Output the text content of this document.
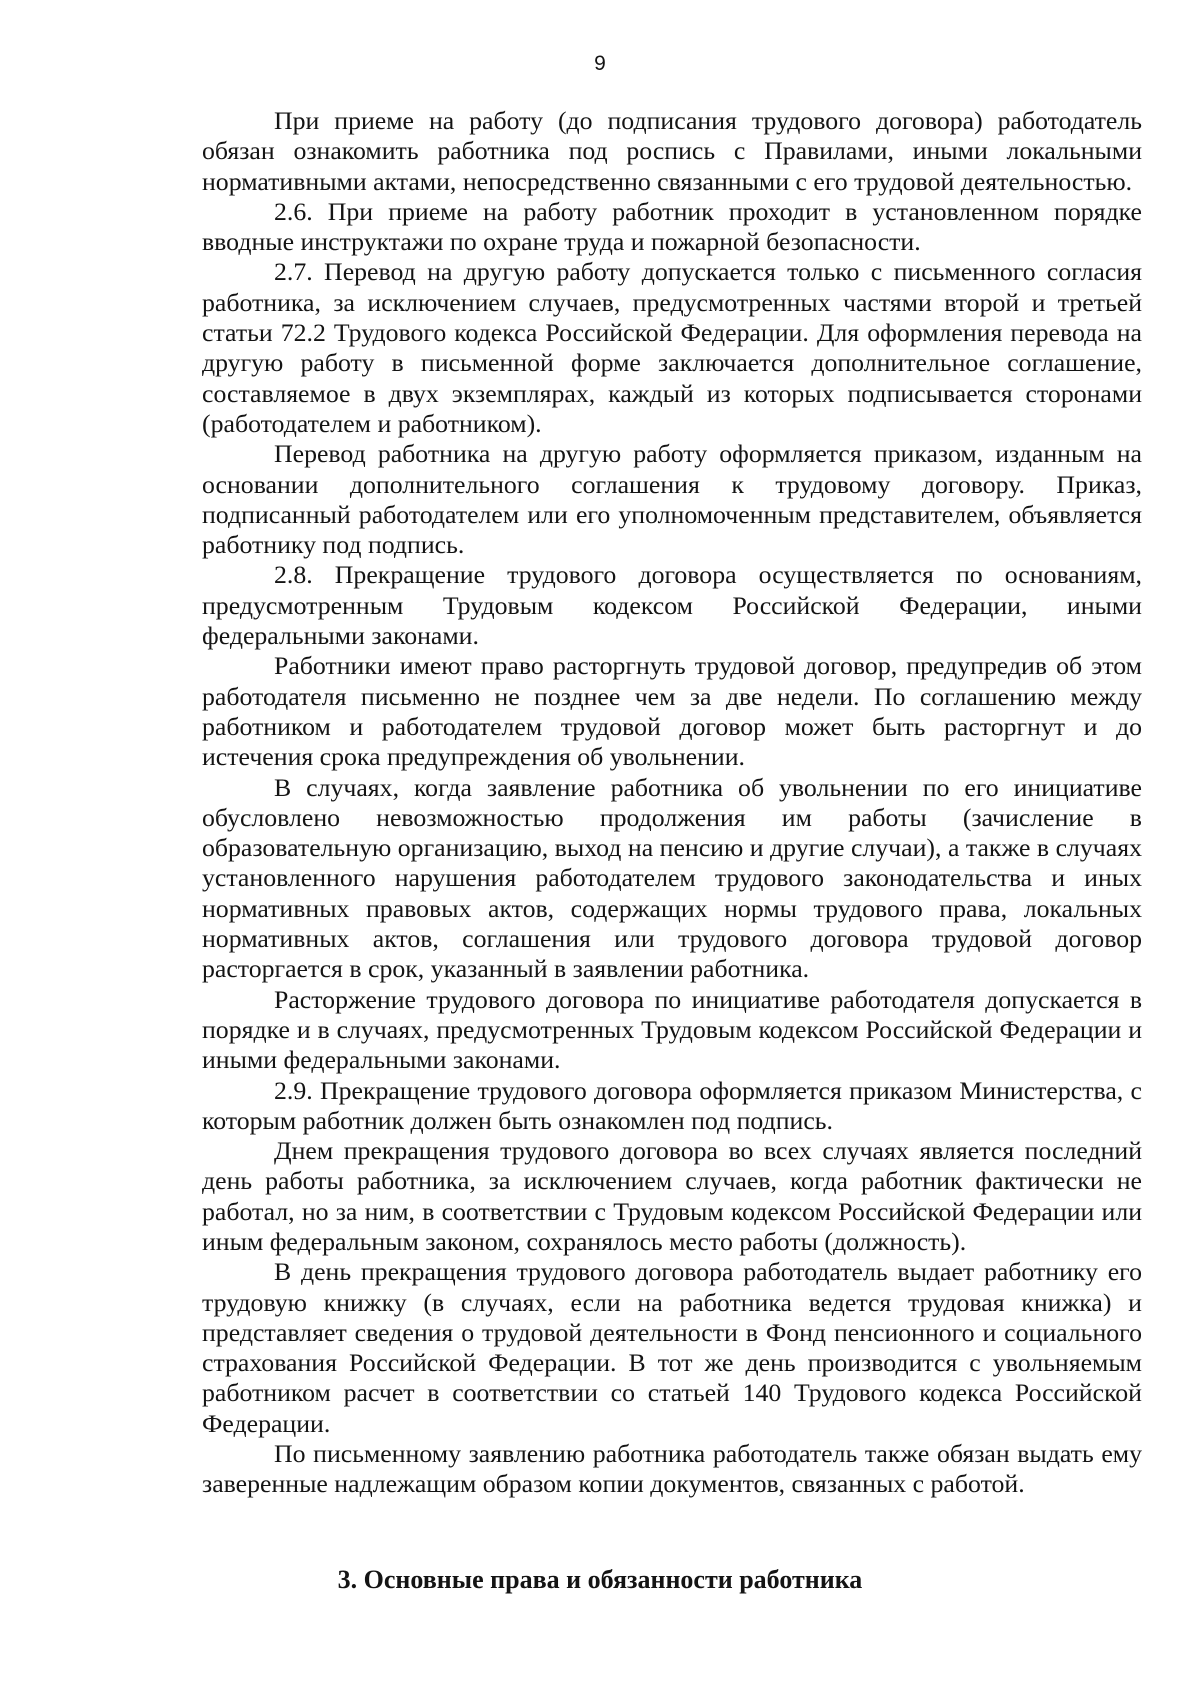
9

При приеме на работу (до подписания трудового договора) работодатель обязан ознакомить работника под роспись с Правилами, иными локальными нормативными актами, непосредственно связанными с его трудовой деятельностью.

2.6. При приеме на работу работник проходит в установленном порядке вводные инструктажи по охране труда и пожарной безопасности.

2.7. Перевод на другую работу допускается только с письменного согласия работника, за исключением случаев, предусмотренных частями второй и третьей статьи 72.2 Трудового кодекса Российской Федерации. Для оформления перевода на другую работу в письменной форме заключается дополнительное соглашение, составляемое в двух экземплярах, каждый из которых подписывается сторонами (работодателем и работником).

Перевод работника на другую работу оформляется приказом, изданным на основании дополнительного соглашения к трудовому договору. Приказ, подписанный работодателем или его уполномоченным представителем, объявляется работнику под подпись.

2.8. Прекращение трудового договора осуществляется по основаниям, предусмотренным Трудовым кодексом Российской Федерации, иными федеральными законами.

Работники имеют право расторгнуть трудовой договор, предупредив об этом работодателя письменно не позднее чем за две недели. По соглашению между работником и работодателем трудовой договор может быть расторгнут и до истечения срока предупреждения об увольнении.

В случаях, когда заявление работника об увольнении по его инициативе обусловлено невозможностью продолжения им работы (зачисление в образовательную организацию, выход на пенсию и другие случаи), а также в случаях установленного нарушения работодателем трудового законодательства и иных нормативных правовых актов, содержащих нормы трудового права, локальных нормативных актов, соглашения или трудового договора трудовой договор расторгается в срок, указанный в заявлении работника.

Расторжение трудового договора по инициативе работодателя допускается в порядке и в случаях, предусмотренных Трудовым кодексом Российской Федерации и иными федеральными законами.

2.9. Прекращение трудового договора оформляется приказом Министерства, с которым работник должен быть ознакомлен под подпись.

Днем прекращения трудового договора во всех случаях является последний день работы работника, за исключением случаев, когда работник фактически не работал, но за ним, в соответствии с Трудовым кодексом Российской Федерации или иным федеральным законом, сохранялось место работы (должность).

В день прекращения трудового договора работодатель выдает работнику его трудовую книжку (в случаях, если на работника ведется трудовая книжка) и представляет сведения о трудовой деятельности в Фонд пенсионного и социального страхования Российской Федерации. В тот же день производится с увольняемым работником расчет в соответствии со статьей 140 Трудового кодекса Российской Федерации.

По письменному заявлению работника работодатель также обязан выдать ему заверенные надлежащим образом копии документов, связанных с работой.

3. Основные права и обязанности работника
